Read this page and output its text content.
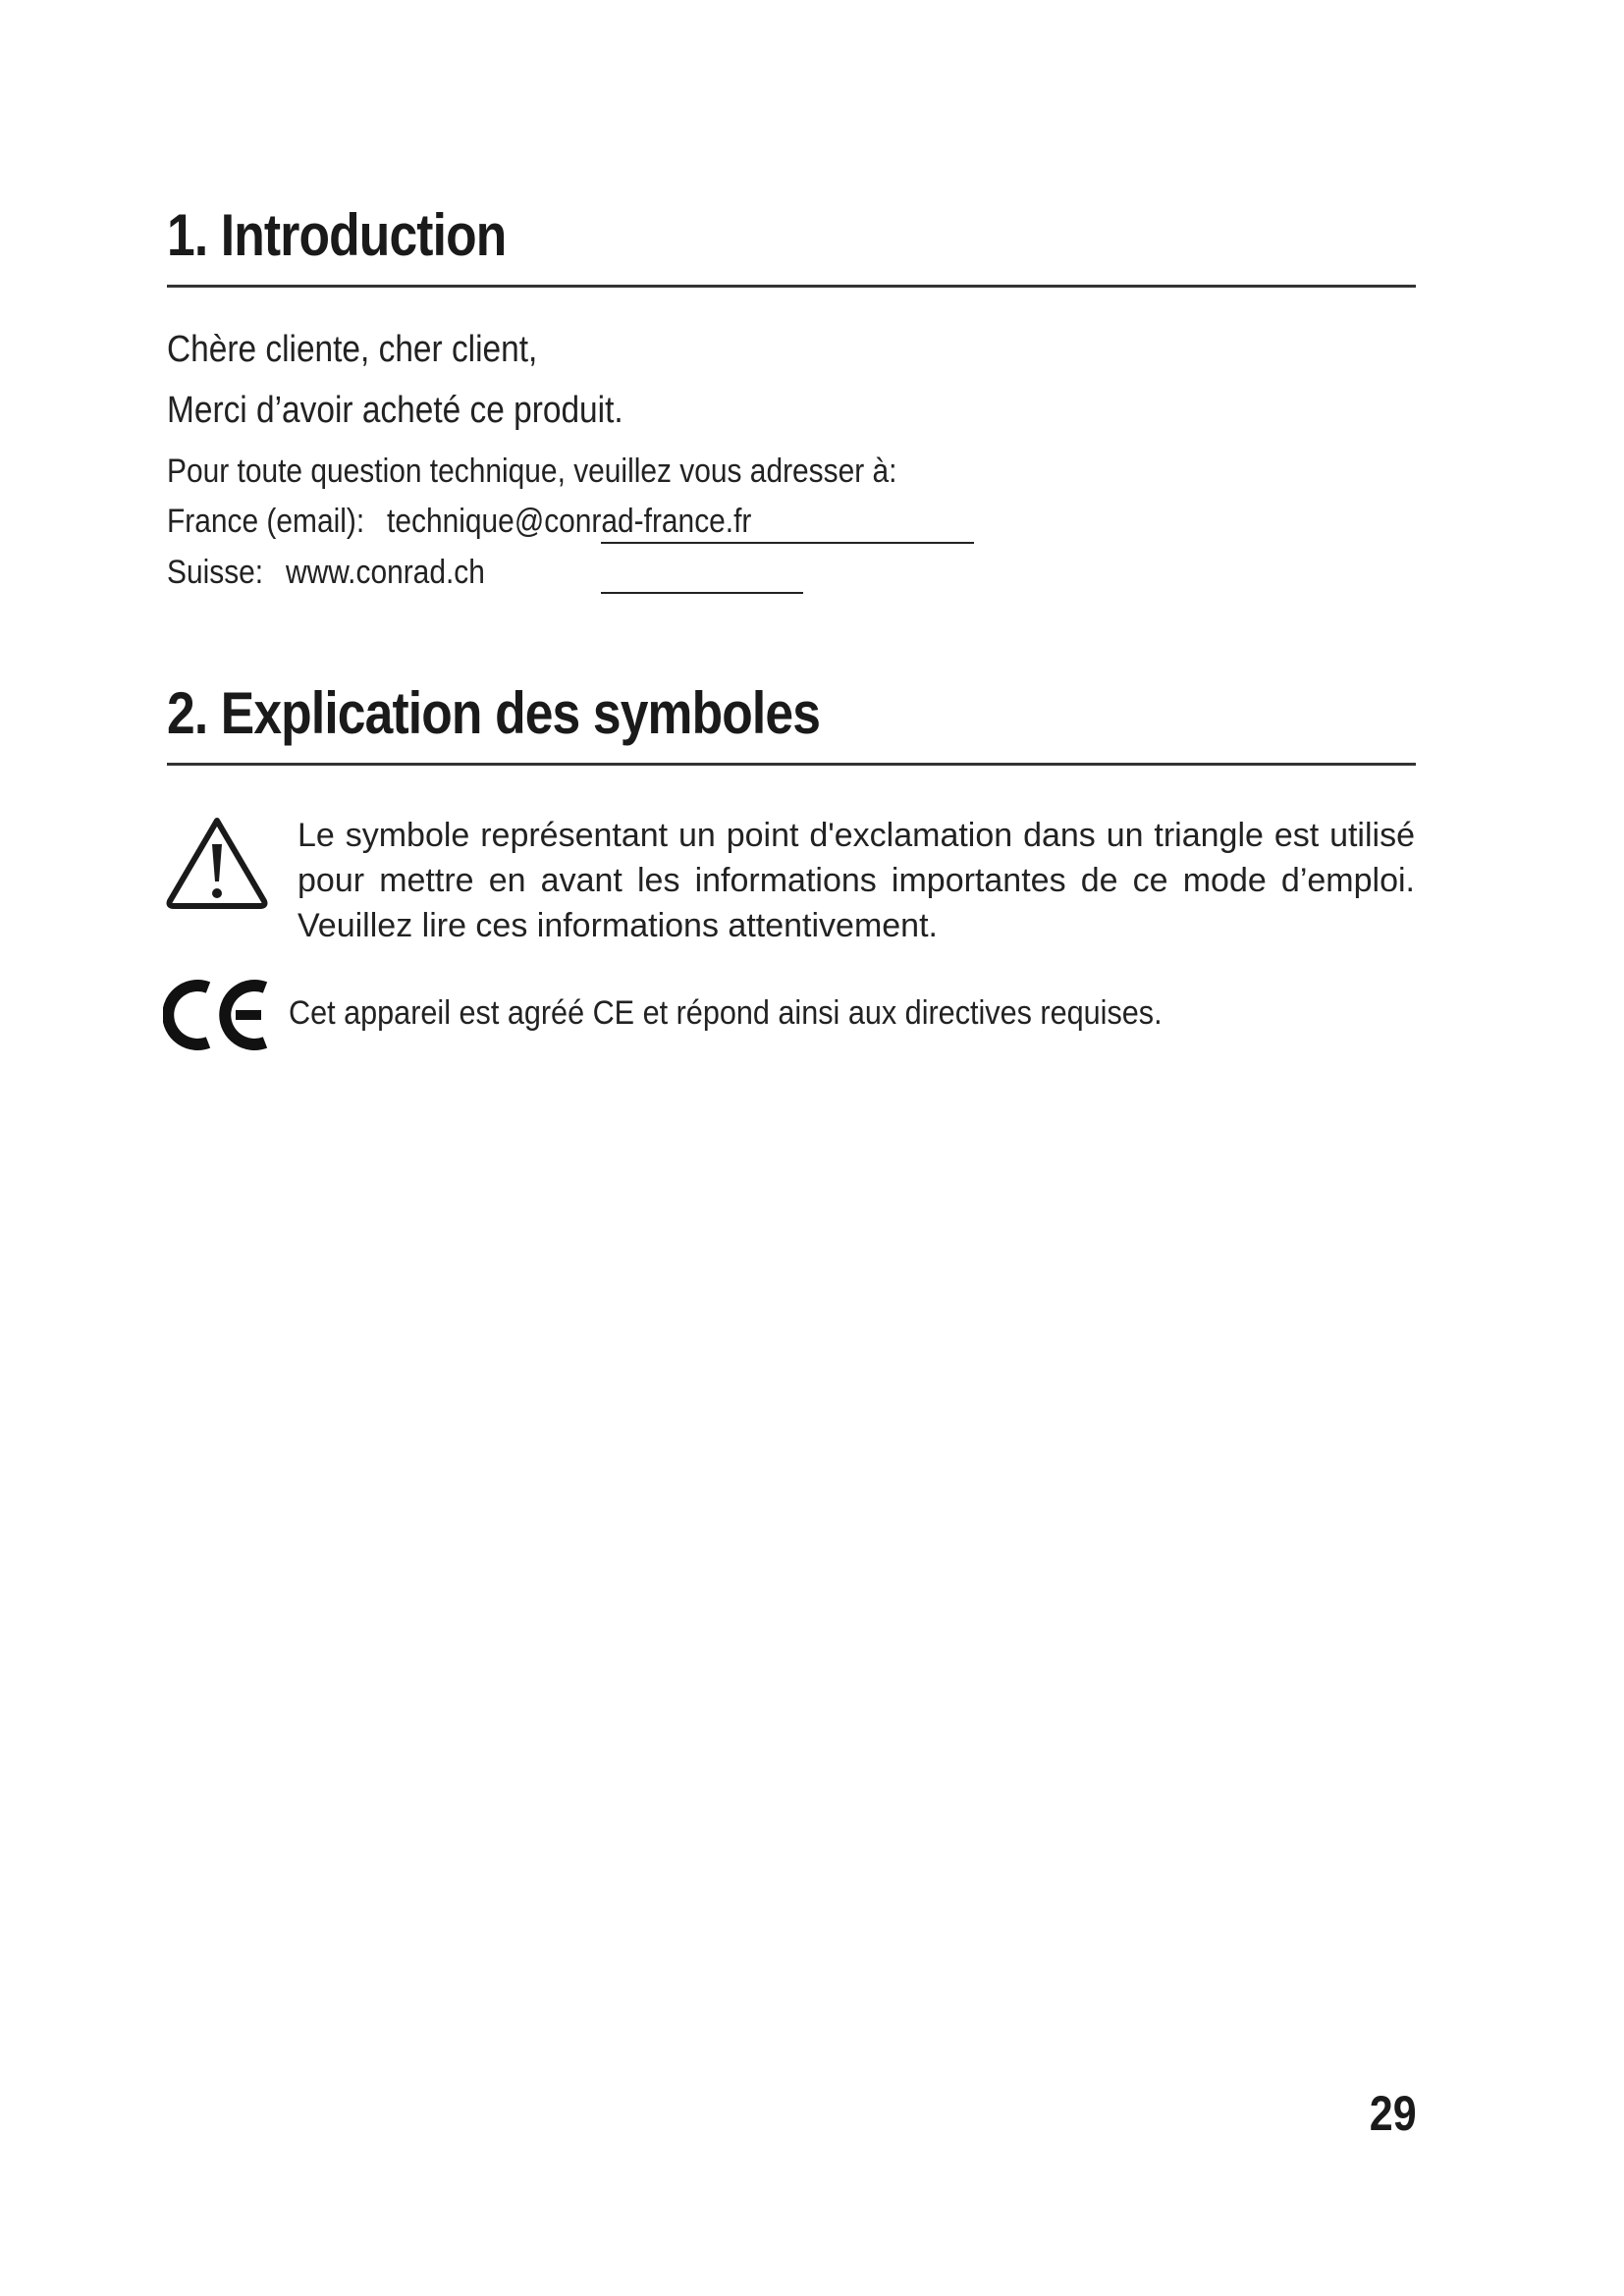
1. Introduction

Chère cliente, cher client,

Merci d’avoir acheté ce produit.

Pour toute question technique, veuillez vous adresser à:

France (email): technique@conrad-france.fr

Suisse: www.conrad.ch

2. Explication des symboles

Le symbole représentant un point d'exclamation dans un triangle est utilisé pour mettre en avant les informations importantes de ce mode d’emploi. Veuillez lire ces informations attentivement.

Cet appareil est agréé CE et répond ainsi aux directives requises.

29
